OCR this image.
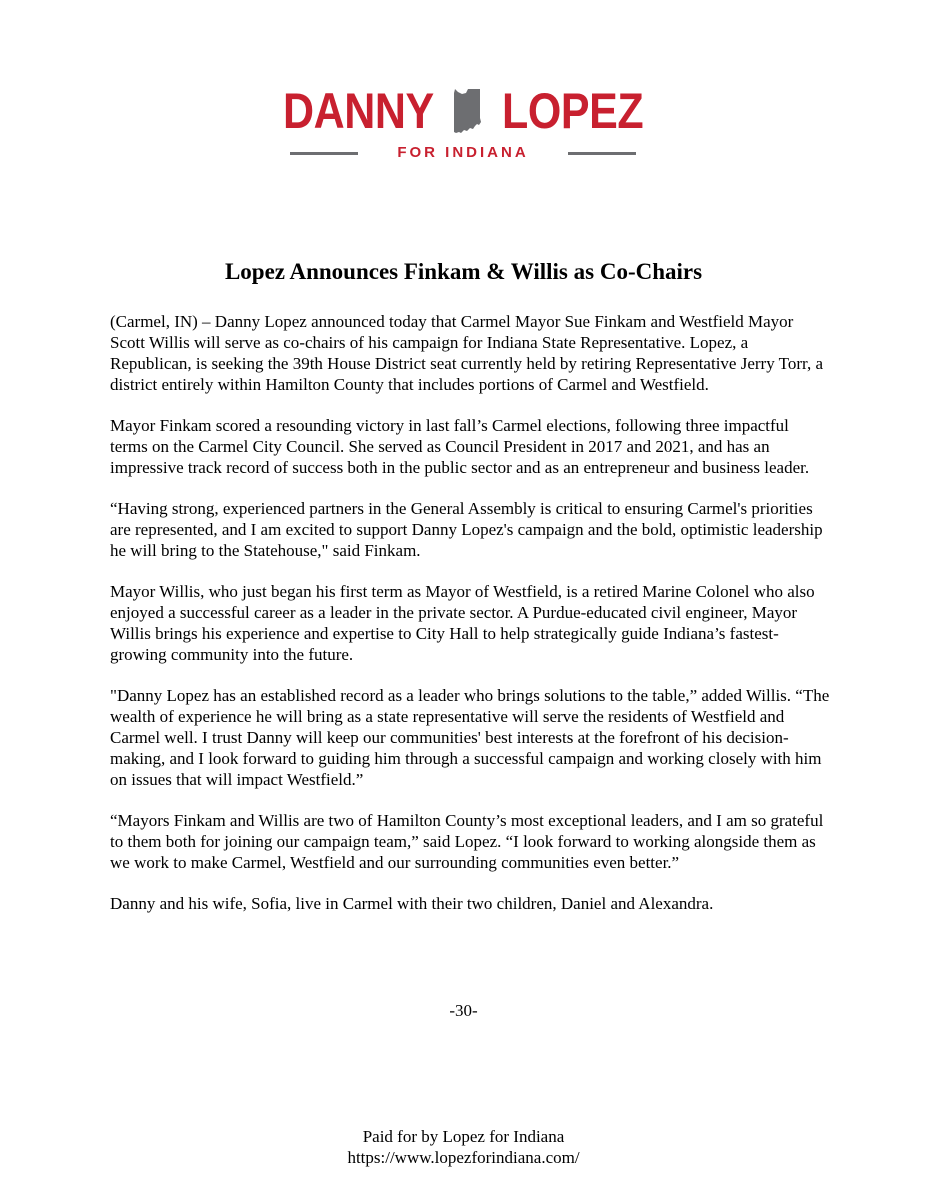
DANNY LOPEZ
FOR INDIANA
Lopez Announces Finkam & Willis as Co-Chairs

(Carmel, IN) – Danny Lopez announced today that Carmel Mayor Sue Finkam and Westfield Mayor Scott Willis will serve as co-chairs of his campaign for Indiana State Representative. Lopez, a Republican, is seeking the 39th House District seat currently held by retiring Representative Jerry Torr, a district entirely within Hamilton County that includes portions of Carmel and Westfield.

Mayor Finkam scored a resounding victory in last fall’s Carmel elections, following three impactful terms on the Carmel City Council. She served as Council President in 2017 and 2021, and has an impressive track record of success both in the public sector and as an entrepreneur and business leader.

“Having strong, experienced partners in the General Assembly is critical to ensuring Carmel's priorities are represented, and I am excited to support Danny Lopez's campaign and the bold, optimistic leadership he will bring to the Statehouse," said Finkam.

Mayor Willis, who just began his first term as Mayor of Westfield, is a retired Marine Colonel who also enjoyed a successful career as a leader in the private sector. A Purdue-educated civil engineer, Mayor Willis brings his experience and expertise to City Hall to help strategically guide Indiana’s fastest-growing community into the future.

"Danny Lopez has an established record as a leader who brings solutions to the table,” added Willis. “The wealth of experience he will bring as a state representative will serve the residents of Westfield and Carmel well. I trust Danny will keep our communities' best interests at the forefront of his decision-making, and I look forward to guiding him through a successful campaign and working closely with him on issues that will impact Westfield.”

“Mayors Finkam and Willis are two of Hamilton County’s most exceptional leaders, and I am so grateful to them both for joining our campaign team,” said Lopez. “I look forward to working alongside them as we work to make Carmel, Westfield and our surrounding communities even better.”

Danny and his wife, Sofia, live in Carmel with their two children, Daniel and Alexandra.

-30-
Paid for by Lopez for Indiana
https://www.lopezforindiana.com/
